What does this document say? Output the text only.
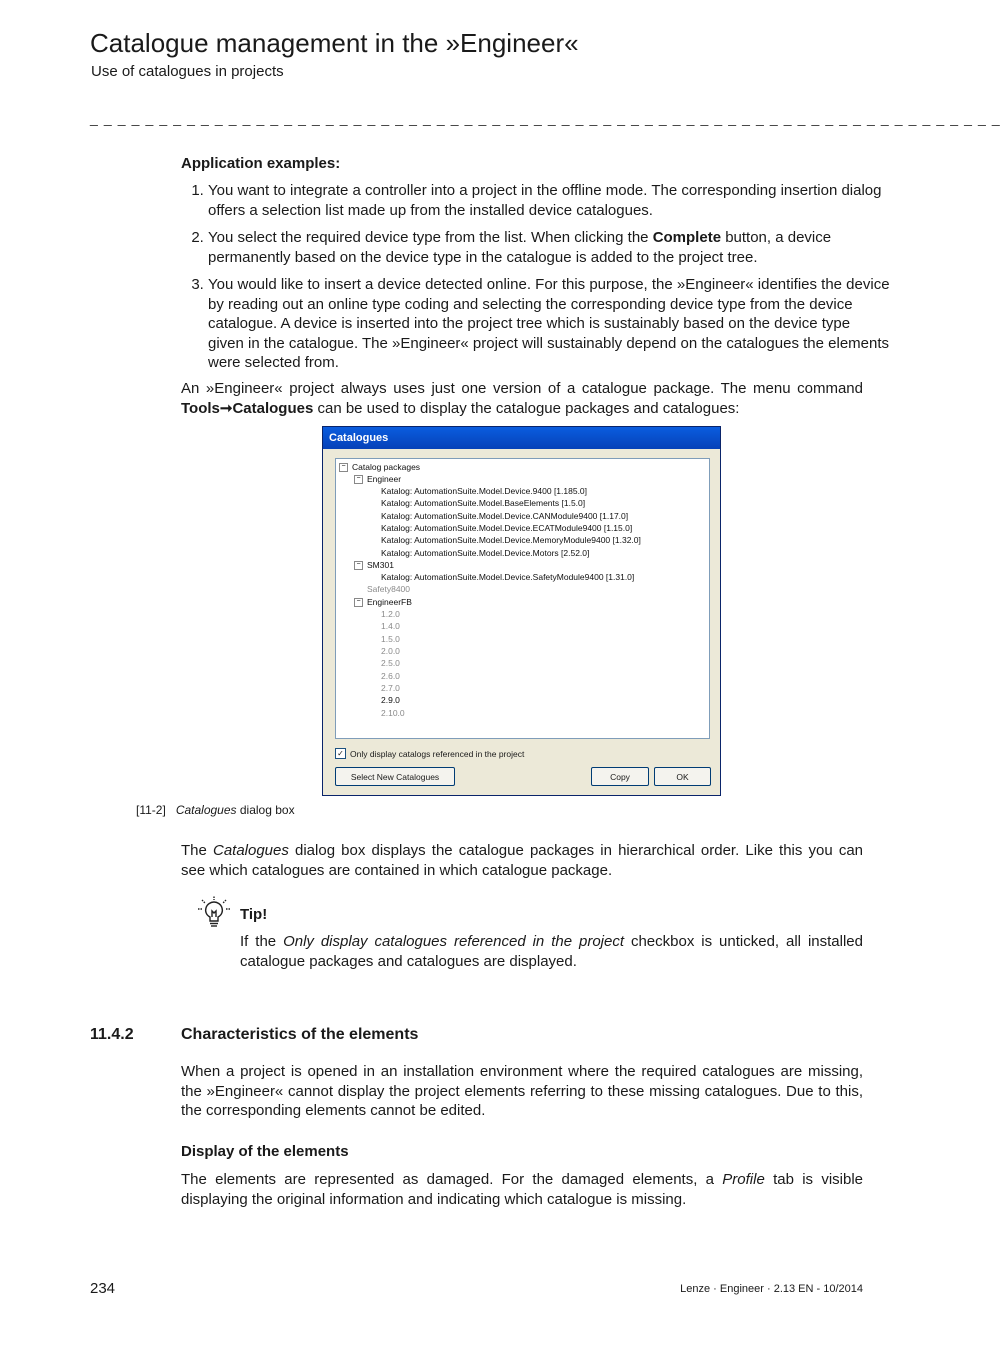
Catalogue management in the »Engineer«
Use of catalogues in projects
_ _ _ _ _ _ _ _ _ _ _ _ _ _ _ _ _ _ _ _ _ _ _ _ _ _ _ _ _ _ _ _ _ _ _ _ _ _ _ _ _ _ _ _ _ _ _ _ _ _ _ _ _ _ _ _ _ _ _ _ _ _ _ _ _ _
Application examples:
1. You want to integrate a controller into a project in the offline mode. The corresponding insertion dialog offers a selection list made up from the installed device catalogues.
2. You select the required device type from the list. When clicking the Complete button, a device permanently based on the device type in the catalogue is added to the project tree.
3. You would like to insert a device detected online. For this purpose, the »Engineer« identifies the device by reading out an online type coding and selecting the corresponding device type from the device catalogue. A device is inserted into the project tree which is sustainably based on the device type given in the catalogue. The »Engineer« project will sustainably depend on the catalogues the elements were selected from.
An »Engineer« project always uses just one version of a catalogue package. The menu command Tools➞Catalogues can be used to display the catalogue packages and catalogues:
Catalogues
− Catalog packages
− Engineer
Katalog: AutomationSuite.Model.Device.9400 [1.185.0]
Katalog: AutomationSuite.Model.BaseElements [1.5.0]
Katalog: AutomationSuite.Model.Device.CANModule9400 [1.17.0]
Katalog: AutomationSuite.Model.Device.ECATModule9400 [1.15.0]
Katalog: AutomationSuite.Model.Device.MemoryModule9400 [1.32.0]
Katalog: AutomationSuite.Model.Device.Motors [2.52.0]
− SM301
Katalog: AutomationSuite.Model.Device.SafetyModule9400 [1.31.0]
Safety8400
− EngineerFB
1.2.0
1.4.0
1.5.0
2.0.0
2.5.0
2.6.0
2.7.0
2.9.0
2.10.0
✓ Only display catalogs referenced in the project
Select New Catalogues	Copy	OK
[11-2] Catalogues dialog box
The Catalogues dialog box displays the catalogue packages in hierarchical order. Like this you can see which catalogues are contained in which catalogue package.
Tip!
If the Only display catalogues referenced in the project checkbox is unticked, all installed catalogue packages and catalogues are displayed.
11.4.2	Characteristics of the elements
When a project is opened in an installation environment where the required catalogues are missing, the »Engineer« cannot display the project elements referring to these missing catalogues. Due to this, the corresponding elements cannot be edited.
Display of the elements
The elements are represented as damaged. For the damaged elements, a Profile tab is visible displaying the original information and indicating which catalogue is missing.
234	Lenze · Engineer · 2.13 EN - 10/2014
